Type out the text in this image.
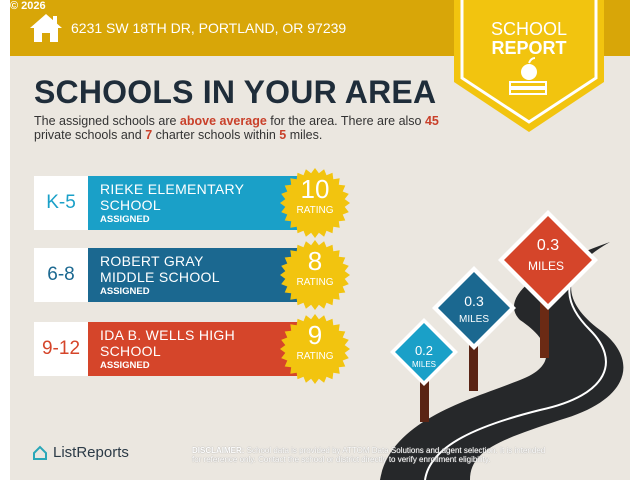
© 2026
6231 SW 18TH DR, PORTLAND, OR 97239	SCHOOL
REPORT
SCHOOLS IN YOUR AREA
The assigned schools are above average for the area. There are also 45 private schools and 7 charter schools within 5 miles.
K-5
RIEKE ELEMENTARY SCHOOL
ASSIGNED
10
RATING
6-8
ROBERT GRAY MIDDLE SCHOOL
ASSIGNED
8
RATING
9-12
IDA B. WELLS HIGH SCHOOL
ASSIGNED
9
RATING
0.3
MILES
0.3
MILES
0.2
MILES
ListReports	DISCLAIMER: School data is provided by ATTOM Data Solutions and agent selection. It is intended for reference only. Contact the school or district directly to verify enrollment eligibility.
